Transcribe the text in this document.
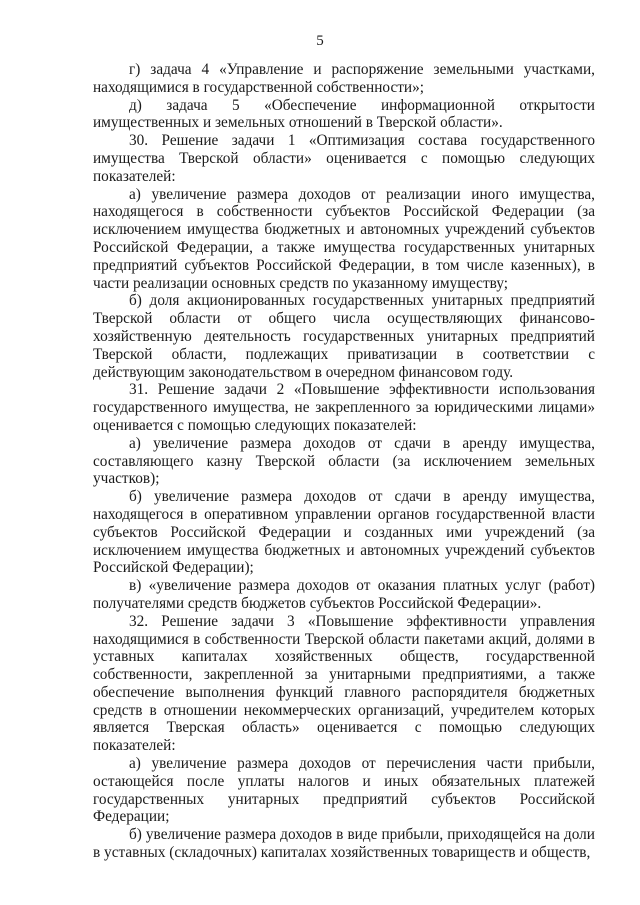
5

г) задача 4 «Управление и распоряжение земельными участками, находящимися в государственной собственности»;

д) задача 5 «Обеспечение информационной открытости имущественных и земельных отношений в Тверской области».

30. Решение задачи 1 «Оптимизация состава государственного имущества Тверской области» оценивается с помощью следующих показателей:

а) увеличение размера доходов от реализации иного имущества, находящегося в собственности субъектов Российской Федерации (за исключением имущества бюджетных и автономных учреждений субъектов Российской Федерации, а также имущества государственных унитарных предприятий субъектов Российской Федерации, в том числе казенных), в части реализации основных средств по указанному имуществу;

б) доля акционированных государственных унитарных предприятий Тверской области от общего числа осуществляющих финансово-хозяйственную деятельность государственных унитарных предприятий Тверской области, подлежащих приватизации в соответствии с действующим законодательством в очередном финансовом году.

31. Решение задачи 2 «Повышение эффективности использования государственного имущества, не закрепленного за юридическими лицами» оценивается с помощью следующих показателей:

а) увеличение размера доходов от сдачи в аренду имущества, составляющего казну Тверской области (за исключением земельных участков);

б) увеличение размера доходов от сдачи в аренду имущества, находящегося в оперативном управлении органов государственной власти субъектов Российской Федерации и созданных ими учреждений (за исключением имущества бюджетных и автономных учреждений субъектов Российской Федерации);

в) «увеличение размера доходов от оказания платных услуг (работ) получателями средств бюджетов субъектов Российской Федерации».

32. Решение задачи 3 «Повышение эффективности управления находящимися в собственности Тверской области пакетами акций, долями в уставных капиталах хозяйственных обществ, государственной собственности, закрепленной за унитарными предприятиями, а также обеспечение выполнения функций главного распорядителя бюджетных средств в отношении некоммерческих организаций, учредителем которых является Тверская область» оценивается с помощью следующих показателей:

а) увеличение размера доходов от перечисления части прибыли, остающейся после уплаты налогов и иных обязательных платежей государственных унитарных предприятий субъектов Российской Федерации;

б) увеличение размера доходов в виде прибыли, приходящейся на доли в уставных (складочных) капиталах хозяйственных товариществ и обществ,
